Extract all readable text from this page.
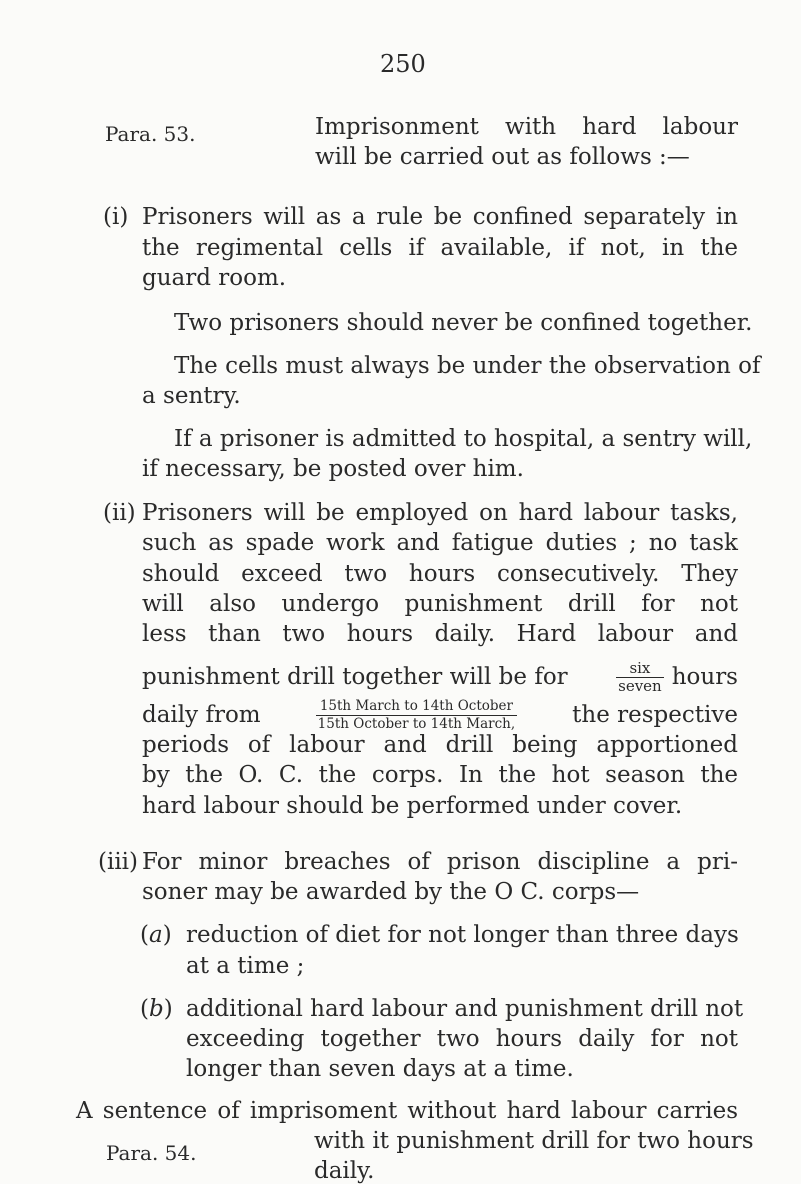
250
Para. 53.	Imprisonment with hard labour
will be carried out as follows :—
(i) Prisoners will as a rule be confined separately in
the regimental cells if available, if not, in the
guard room.
Two prisoners should never be confined together.
The cells must always be under the observation of
a sentry.
If a prisoner is admitted to hospital, a sentry will,
if necessary, be posted over him.
(ii) Prisoners will be employed on hard labour tasks,
such as spade work and fatigue duties ; no task
should exceed two hours consecutively. They
will also undergo punishment drill for not
less than two hours daily. Hard labour and
punishment drill together will be for	$\frac{\text{six}}{\text{seven}}$ hours
daily from	15th March to 14th October
15th October to 14th March, the respective
periods of labour and drill being apportioned
by the O. C. the corps. In the hot season the
hard labour should be performed under cover.
(iii) For minor breaches of prison discipline a pri-
soner may be awarded by the O C. corps—
(a) reduction of diet for not longer than three days
at a time ;
(b) additional hard labour and punishment drill not
exceeding together two hours daily for not
longer than seven days at a time.
A sentence of imprisoment without hard labour carries
Para. 54.	with it punishment drill for two hours
daily.
